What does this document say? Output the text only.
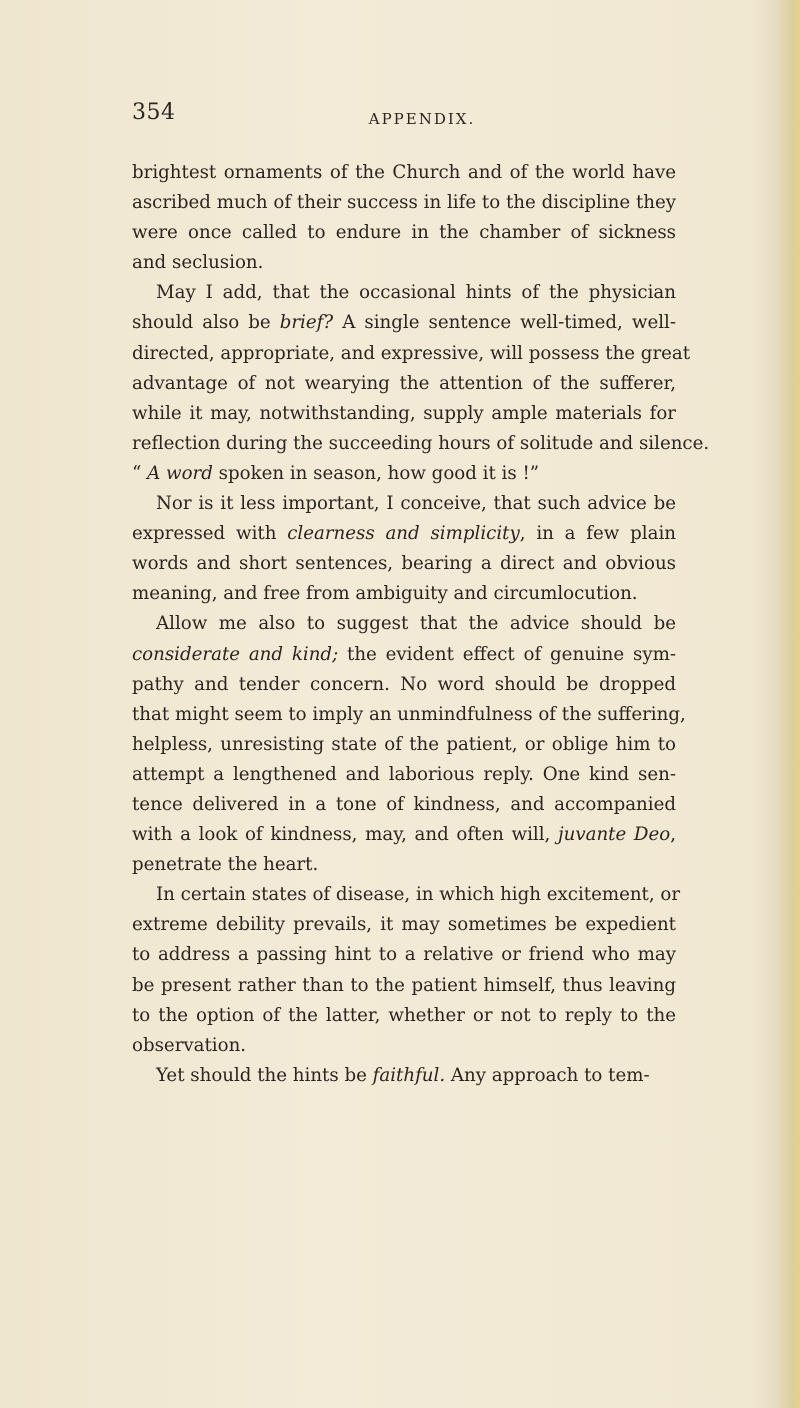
354	APPENDIX.
brightest ornaments of the Church and of the world have
ascribed much of their success in life to the discipline they
were once called to endure in the chamber of sickness
and seclusion.
May I add, that the occasional hints of the physician
should also be brief? A single sentence well-timed, well-
directed, appropriate, and expressive, will possess the great
advantage of not wearying the attention of the sufferer,
while it may, notwithstanding, supply ample materials for
reflection during the succeeding hours of solitude and silence.
“ A word spoken in season, how good it is !”
Nor is it less important, I conceive, that such advice be
expressed with clearness and simplicity, in a few plain
words and short sentences, bearing a direct and obvious
meaning, and free from ambiguity and circumlocution.
Allow me also to suggest that the advice should be
considerate and kind; the evident effect of genuine sym-
pathy and tender concern. No word should be dropped
that might seem to imply an unmindfulness of the suffering,
helpless, unresisting state of the patient, or oblige him to
attempt a lengthened and laborious reply. One kind sen-
tence delivered in a tone of kindness, and accompanied
with a look of kindness, may, and often will, juvante Deo,
penetrate the heart.
In certain states of disease, in which high excitement, or
extreme debility prevails, it may sometimes be expedient
to address a passing hint to a relative or friend who may
be present rather than to the patient himself, thus leaving
to the option of the latter, whether or not to reply to the
observation.
Yet should the hints be faithful. Any approach to tem-
